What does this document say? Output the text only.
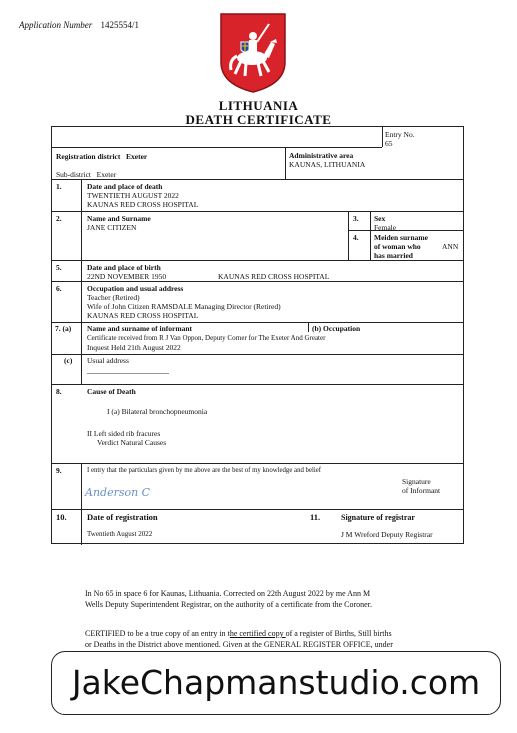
Application Number 1425554/1
LITHUANIA
DEATH CERTIFICATE
Entry No.
65
Registration district Exeter
Sub-district Exeter
Administrative area
KAUNAS, LITHUANIA
1.	Date and place of death
TWENTIETH AUGUST 2022
KAUNAS RED CROSS HOSPITAL
2.	Name and Surname
JANE CITIZEN
3. Sex
Female
4. Meiden surname
of woman who
has married
ANN
5.	Date and place of birth
22ND NOVEMBER 1950	KAUNAS RED CROSS HOSPITAL
6.	Occupation and usual address
Teacher (Retired)
Wife of John Citizen RAMSDALE Managing Director (Retired)
KAUNAS RED CROSS HOSPITAL
7. (a) Name and surname of informant	(b) Occupation
Certificate received from R J Van Oppon, Deputy Corner for The Exeter And Greater
Inquest Held 21th August 2022
(c) Usual address
8.	Cause of Death
I (a) Bilateral bronchopneumonia
II Left sided rib fracures
Verdict Natural Causes
9.	I entry that the particulars given by me above are the best of my knowledge and belief
Signature
of Informant
Anderson C
10. Date of registration
Twentieth August 2022
11.	Signature of registrar
J M Wreford Deputy Registrar
In No 65 in space 6 for Kaunas, Lithuania. Corrected on 22th August 2022 by me Ann M
Wells Deputy Superintendent Registrar, on the authority of a certificate from the Coroner.
CERTIFIED to be a true copy of an entry in the certified copy of a register of Births, Still births
or Deaths in the District above mentioned. Given at the GENERAL REGISTER OFFICE, under
JakeChapmanstudio.com
